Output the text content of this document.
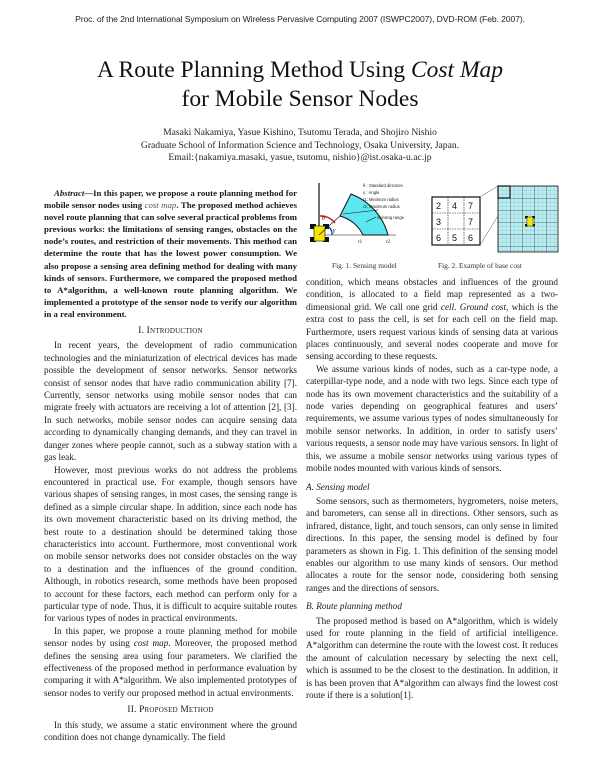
Proc. of the 2nd International Symposium on Wireless Pervasive Computing 2007 (ISWPC2007), DVD-ROM (Feb. 2007).
A Route Planning Method Using Cost Map
for Mobile Sensor Nodes
Masaki Nakamiya, Yasue Kishino, Tsutomu Terada, and Shojiro Nishio
Graduate School of Information Science and Technology, Osaka University, Japan.
Email:{nakamiya.masaki, yasue, tsutomu, nishio}@ist.osaka-u.ac.jp

Abstract—In this paper, we propose a route planning method for mobile sensor nodes using cost map. The proposed method achieves novel route planning that can solve several practical problems from previous works: the limitations of sensing ranges, obstacles on the node’s routes, and restriction of their movements. This method can determine the route that has the lowest power consumption. We also propose a sensing area defining method for dealing with many kinds of sensors. Furthermore, we compared the proposed method to A*algorithm, a well-known route planning algorithm. We implemented a prototype of the sensor node to verify our algorithm in a real environment.

I. Introduction

In recent years, the development of radio communication technologies and the miniaturization of electrical devices has made possible the development of sensor networks. Sensor networks consist of sensor nodes that have radio communication ability [7]. Currently, sensor networks using mobile sensor nodes that can migrate freely with actuators are receiving a lot of attention [2], [3]. In such networks, mobile sensor nodes can acquire sensing data according to dynamically changing demands, and they can travel in danger zones where people cannot, such as a subway station with a gas leak.

However, most previous works do not address the problems encountered in practical use. For example, though sensors have various shapes of sensing ranges, in most cases, the sensing range is defined as a simple circular shape. In addition, since each node has its own movement characteristic based on its driving method, the best route to a destination should be determined taking those characteristics into account. Furthermore, most conventional work on mobile sensor networks does not consider obstacles on the way to a destination and the influences of the ground condition. Although, in robotics research, some methods have been proposed to account for these factors, each method can perform only for a particular type of node. Thus, it is difficult to acquire suitable routes for various types of nodes in practical environments.

In this paper, we propose a route planning method for mobile sensor nodes by using cost map. Moreover, the proposed method defines the sensing area using four parameters. We clarified the effectiveness of the proposed method in performance evaluation by comparing it with A*algorithm. We also implemented prototypes of sensor nodes to verify our proposed method in actual environments.

II. Proposed Method

In this study, we assume a static environment where the ground condition does not change dynamically. The field

θ
γ
r1	r2
θ : Standard direction
γ : Angle
r1: Minimum radius
r2: Maximum radius
Sensing range
2 4 7
3	7
6 5 6
Fig. 1. Sensing model	Fig. 2. Example of base cost

condition, which means obstacles and influences of the ground condition, is allocated to a field map represented as a two-dimensional grid. We call one grid cell. Ground cost, which is the extra cost to pass the cell, is set for each cell on the field map. Furthermore, users request various kinds of sensing data at various places continuously, and several nodes cooperate and move for sensing according to these requests.

We assume various kinds of nodes, such as a car-type node, a caterpillar-type node, and a node with two legs. Since each type of node has its own movement characteristics and the suitability of a node varies depending on geographical features and users’ requirements, we assume various types of nodes simultaneously for mobile sensor networks. In addition, in order to satisfy users’ various requests, a sensor node may have various sensors. In light of this, we assume a mobile sensor networks using various types of mobile nodes mounted with various kinds of sensors.

A. Sensing model

Some sensors, such as thermometers, hygrometers, noise meters, and barometers, can sense all in directions. Other sensors, such as infrared, distance, light, and touch sensors, can only sense in limited directions. In this paper, the sensing model is defined by four parameters as shown in Fig. 1. This definition of the sensing model enables our algorithm to use many kinds of sensors. Our method allocates a route for the sensor node, considering both sensing ranges and the directions of sensors.

B. Route planning method

The proposed method is based on A*algorithm, which is widely used for route planning in the field of artificial intelligence. A*algorithm can determine the route with the lowest cost. It reduces the amount of calculation necessary by selecting the next cell, which is assumed to be the closest to the destination. In addition, it is has been proven that A*algorithm can always find the lowest cost route if there is a solution[1].
